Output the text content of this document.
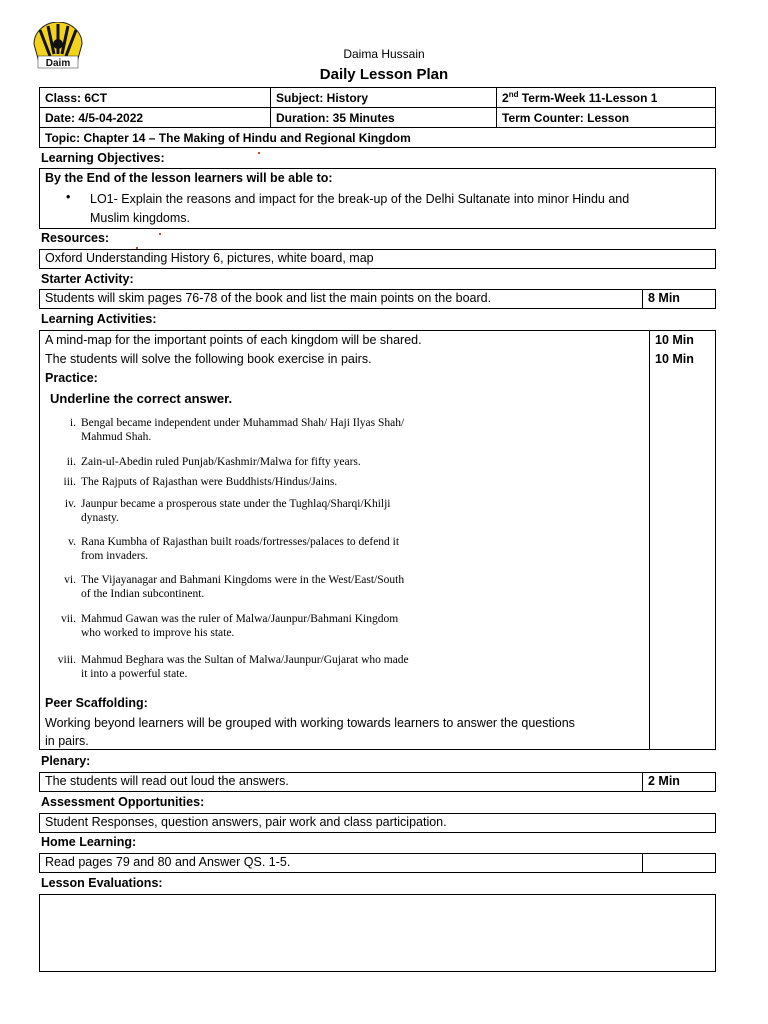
Daim
Daima Hussain
Daily Lesson Plan
Class: 6CT	Subject: History	2nd Term-Week 11-Lesson 1
Date: 4/5-04-2022	Duration: 35 Minutes	Term Counter: Lesson
Topic: Chapter 14 – The Making of Hindu and Regional Kingdom		
Learning Objectives:
By the End of the lesson learners will be able to:
• LO1- Explain the reasons and impact for the break-up of the Delhi Sultanate into minor Hindu and
Muslim kingdoms.
Resources:
Oxford Understanding History 6, pictures, white board, map
Starter Activity:
Students will skim pages 76-78 of the book and list the main points on the board.	8 Min
Learning Activities:
A mind-map for the important points of each kingdom will be shared.	10 Min
The students will solve the following book exercise in pairs.	10 Min
Practice:
Underline the correct answer.
i. Bengal became independent under Muhammad Shah/ Haji Ilyas Shah/
Mahmud Shah.
ii. Zain-ul-Abedin ruled Punjab/Kashmir/Malwa for fifty years.
iii. The Rajputs of Rajasthan were Buddhists/Hindus/Jains.
iv. Jaunpur became a prosperous state under the Tughlaq/Sharqi/Khilji
dynasty.
v. Rana Kumbha of Rajasthan built roads/fortresses/palaces to defend it
from invaders.
vi. The Vijayanagar and Bahmani Kingdoms were in the West/East/South
of the Indian subcontinent.
vii. Mahmud Gawan was the ruler of Malwa/Jaunpur/Bahmani Kingdom
who worked to improve his state.
viii. Mahmud Beghara was the Sultan of Malwa/Jaunpur/Gujarat who made
it into a powerful state.
Peer Scaffolding:
Working beyond learners will be grouped with working towards learners to answer the questions
in pairs.
Plenary:
The students will read out loud the answers.	2 Min
Assessment Opportunities:
Student Responses, question answers, pair work and class participation.
Home Learning:
Read pages 79 and 80 and Answer QS. 1-5.
Lesson Evaluations:
